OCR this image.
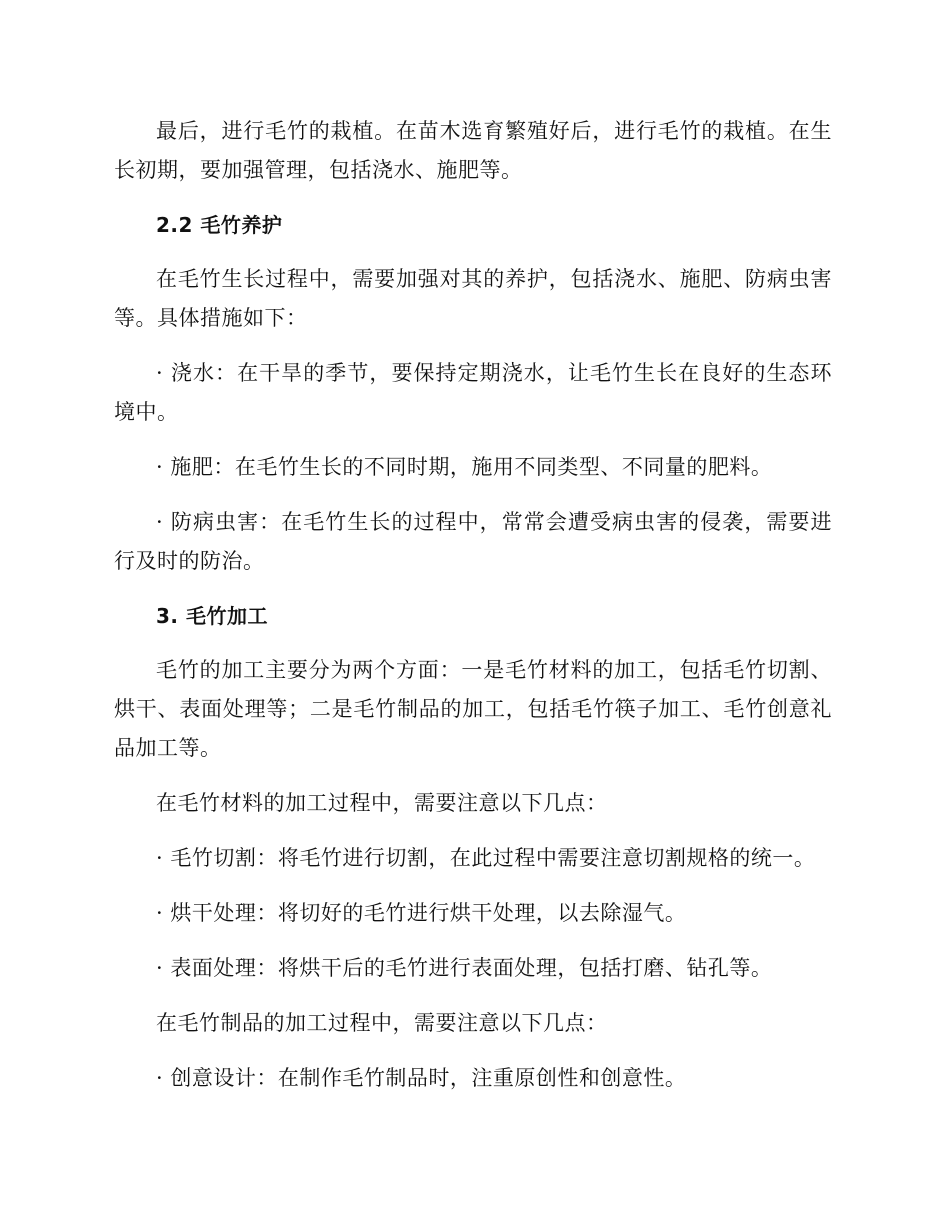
最后，进行毛竹的栽植。在苗木选育繁殖好后，进行毛竹的栽植。在生长初期，要加强管理，包括浇水、施肥等。

2.2 毛竹养护

在毛竹生长过程中，需要加强对其的养护，包括浇水、施肥、防病虫害等。具体措施如下：

· 浇水：在干旱的季节，要保持定期浇水，让毛竹生长在良好的生态环境中。

· 施肥：在毛竹生长的不同时期，施用不同类型、不同量的肥料。

· 防病虫害：在毛竹生长的过程中，常常会遭受病虫害的侵袭，需要进行及时的防治。

3. 毛竹加工

毛竹的加工主要分为两个方面：一是毛竹材料的加工，包括毛竹切割、烘干、表面处理等；二是毛竹制品的加工，包括毛竹筷子加工、毛竹创意礼品加工等。

在毛竹材料的加工过程中，需要注意以下几点：

· 毛竹切割：将毛竹进行切割，在此过程中需要注意切割规格的统一。

· 烘干处理：将切好的毛竹进行烘干处理，以去除湿气。

· 表面处理：将烘干后的毛竹进行表面处理，包括打磨、钻孔等。

在毛竹制品的加工过程中，需要注意以下几点：

· 创意设计：在制作毛竹制品时，注重原创性和创意性。
